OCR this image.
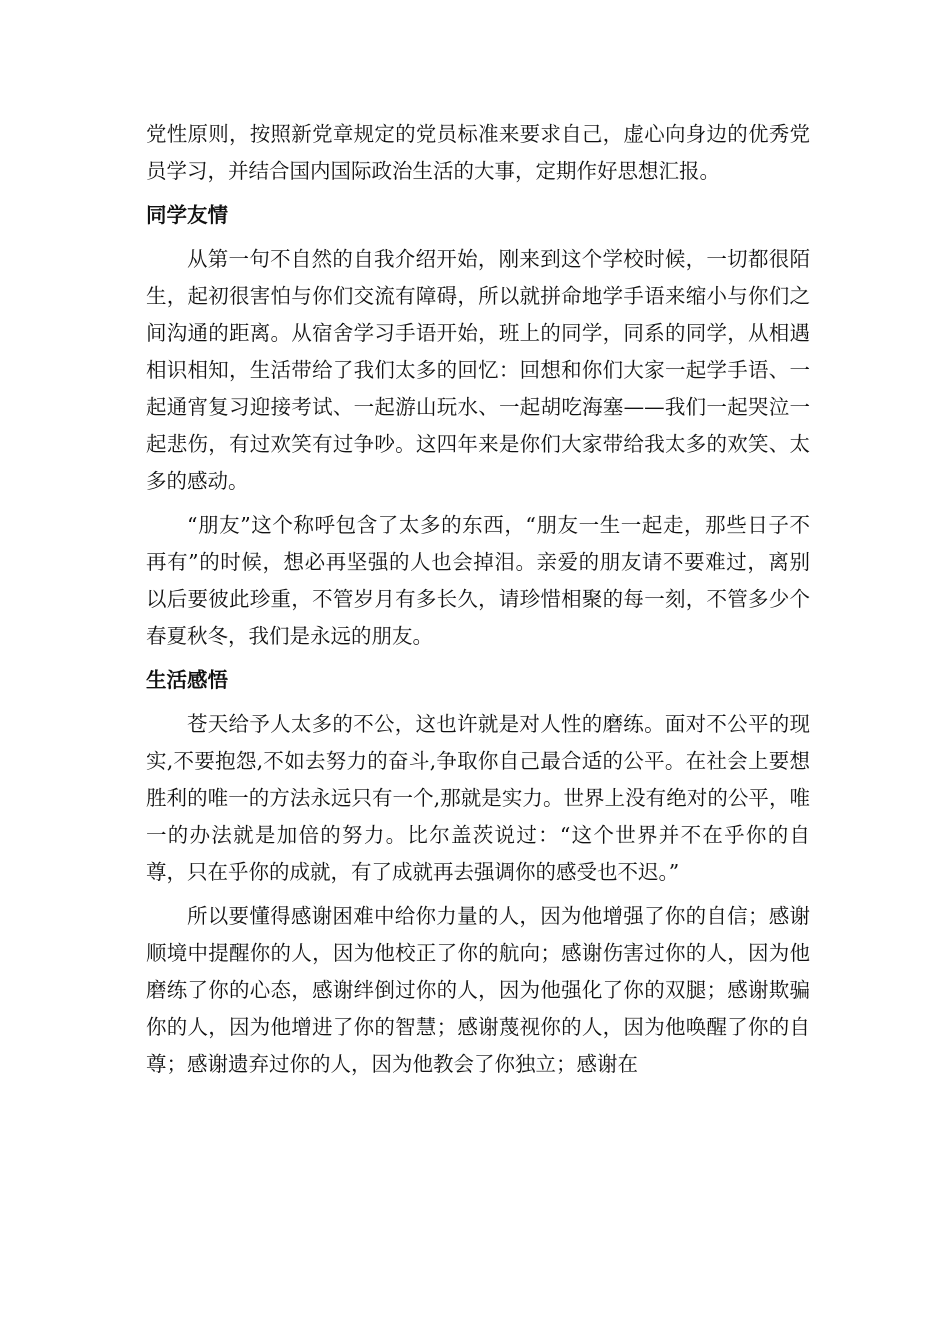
党性原则，按照新党章规定的党员标准来要求自己，虚心向身边的优秀党员学习，并结合国内国际政治生活的大事，定期作好思想汇报。

同学友情

从第一句不自然的自我介绍开始，刚来到这个学校时候，一切都很陌生，起初很害怕与你们交流有障碍，所以就拼命地学手语来缩小与你们之间沟通的距离。从宿舍学习手语开始，班上的同学，同系的同学，从相遇相识相知，生活带给了我们太多的回忆：回想和你们大家一起学手语、一起通宵复习迎接考试、一起游山玩水、一起胡吃海塞——我们一起哭泣一起悲伤，有过欢笑有过争吵。这四年来是你们大家带给我太多的欢笑、太多的感动。

“朋友”这个称呼包含了太多的东西，“朋友一生一起走，那些日子不再有”的时候，想必再坚强的人也会掉泪。亲爱的朋友请不要难过，离别以后要彼此珍重，不管岁月有多长久，请珍惜相聚的每一刻，不管多少个春夏秋冬，我们是永远的朋友。

生活感悟

苍天给予人太多的不公，这也许就是对人性的磨练。面对不公平的现实,不要抱怨,不如去努力的奋斗,争取你自己最合适的公平。在社会上要想胜利的唯一的方法永远只有一个,那就是实力。世界上没有绝对的公平，唯一的办法就是加倍的努力。比尔盖茨说过：“这个世界并不在乎你的自尊，只在乎你的成就，有了成就再去强调你的感受也不迟。”

所以要懂得感谢困难中给你力量的人，因为他增强了你的自信；感谢顺境中提醒你的人，因为他校正了你的航向；感谢伤害过你的人，因为他磨练了你的心态，感谢绊倒过你的人，因为他强化了你的双腿；感谢欺骗你的人，因为他增进了你的智慧；感谢蔑视你的人，因为他唤醒了你的自尊；感谢遗弃过你的人，因为他教会了你独立；感谢在
